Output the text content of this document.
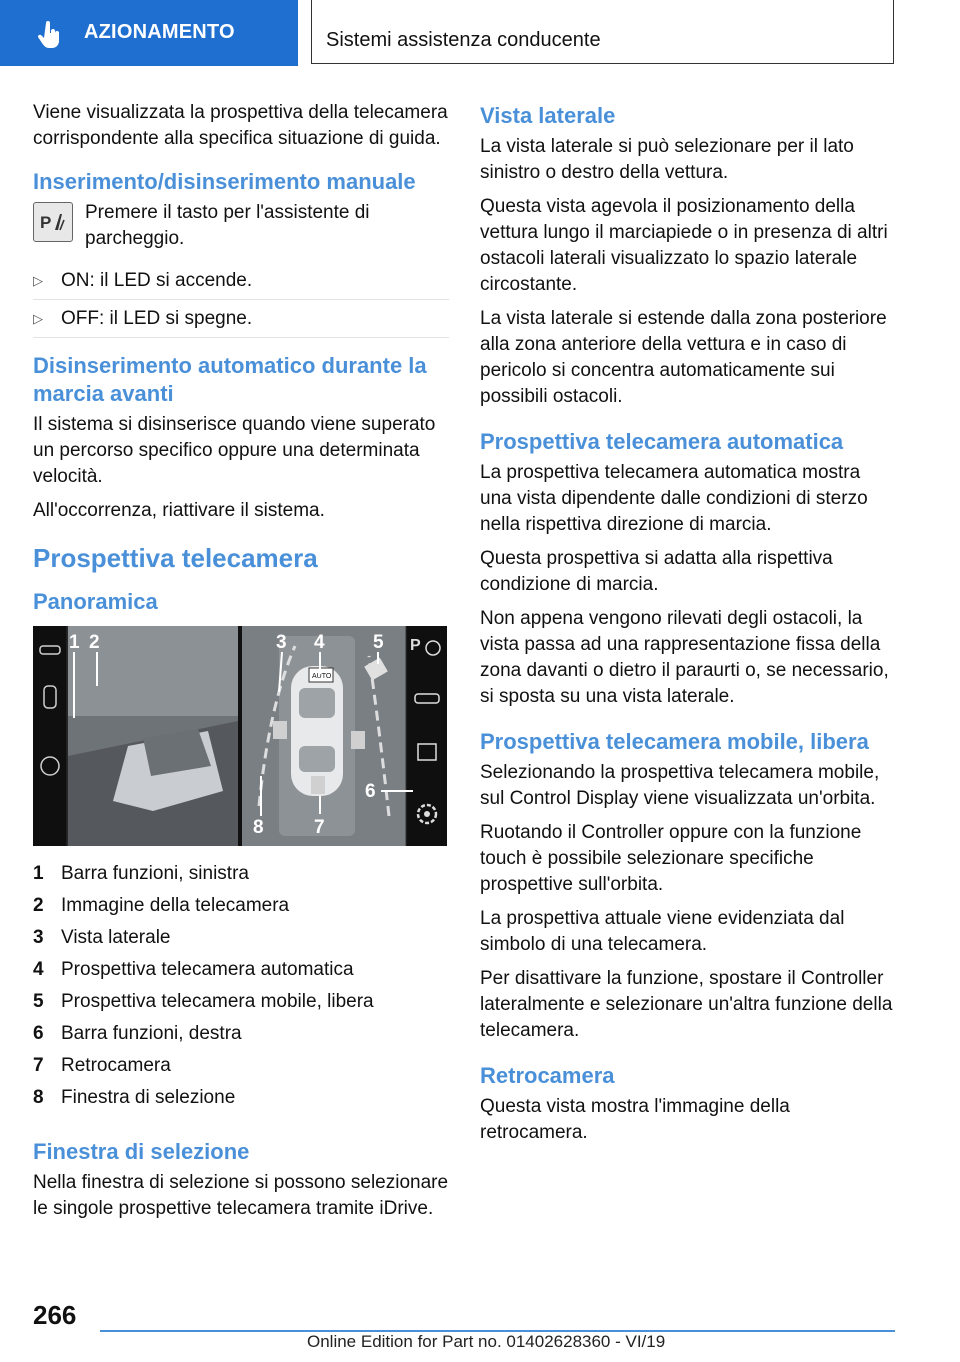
AZIONAMENTO	Sistemi assistenza conducente

Viene visualizzata la prospettiva della telecamera corrispondente alla specifica situazione di guida.

Inserimento/disinserimento manuale
P Premere il tasto per l'assistente di parcheggio.

▷ ON: il LED si accende.
▷ OFF: il LED si spegne.
Disinserimento automatico durante la marcia avanti

Il sistema si disinserisce quando viene superato un percorso specifico oppure una determinata velocità.

All'occorrenza, riattivare il sistema.

Prospettiva telecamera
Panoramica
AUTO
P
1 2	3 4	5
6
7
8
1 Barra funzioni, sinistra
2 Immagine della telecamera
3 Vista laterale
4 Prospettiva telecamera automatica
5 Prospettiva telecamera mobile, libera
6 Barra funzioni, destra
7 Retrocamera
8 Finestra di selezione
Finestra di selezione

Nella finestra di selezione si possono selezionare le singole prospettive telecamera tramite iDrive.

Vista laterale

La vista laterale si può selezionare per il lato sinistro o destro della vettura.

Questa vista agevola il posizionamento della vettura lungo il marciapiede o in presenza di altri ostacoli laterali visualizzato lo spazio laterale circostante.

La vista laterale si estende dalla zona posteriore alla zona anteriore della vettura e in caso di pericolo si concentra automaticamente sui possibili ostacoli.

Prospettiva telecamera automatica

La prospettiva telecamera automatica mostra una vista dipendente dalle condizioni di sterzo nella rispettiva direzione di marcia.

Questa prospettiva si adatta alla rispettiva condizione di marcia.

Non appena vengono rilevati degli ostacoli, la vista passa ad una rappresentazione fissa della zona davanti o dietro il paraurti o, se necessario, si sposta su una vista laterale.

Prospettiva telecamera mobile, libera

Selezionando la prospettiva telecamera mobile, sul Control Display viene visualizzata un'orbita.

Ruotando il Controller oppure con la funzione touch è possibile selezionare specifiche prospettive sull'orbita.

La prospettiva attuale viene evidenziata dal simbolo di una telecamera.

Per disattivare la funzione, spostare il Controller lateralmente e selezionare un'altra funzione della telecamera.

Retrocamera

Questa vista mostra l'immagine della retrocamera.

266
Online Edition for Part no. 01402628360 - VI/19
